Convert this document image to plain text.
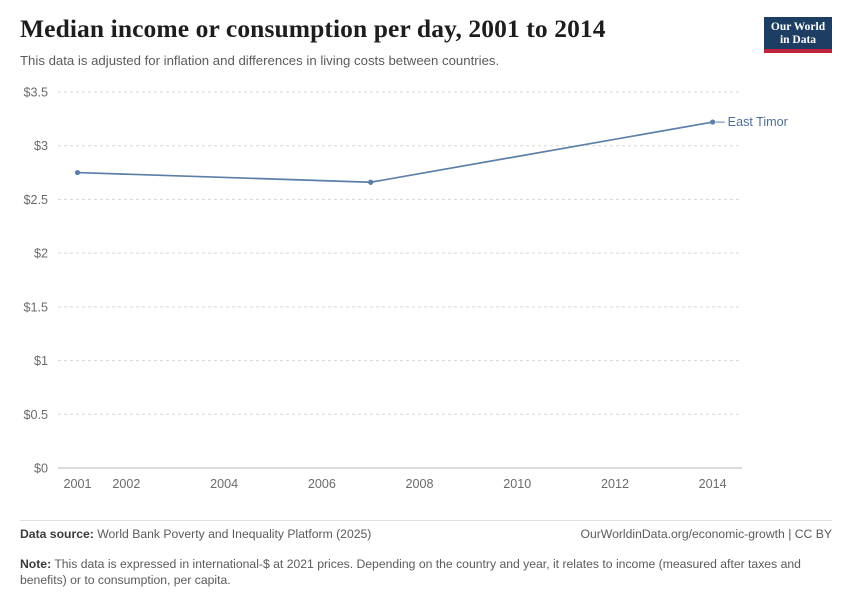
Median income or consumption per day, 2001 to 2014

This data is adjusted for inflation and differences in living costs between countries.

Our World
in Data
$0
$0.5
$1
$1.5
$2
$2.5
$3
$3.5
2001 2002	2004	2006	2008	2010	2012	2014
East Timor
Data source: World Bank Poverty and Inequality Platform (2025)	OurWorldinData.org/economic-growth | CC BY
Note: This data is expressed in international-$ at 2021 prices. Depending on the country and year, it relates to income (measured after taxes and benefits) or to consumption, per capita.
